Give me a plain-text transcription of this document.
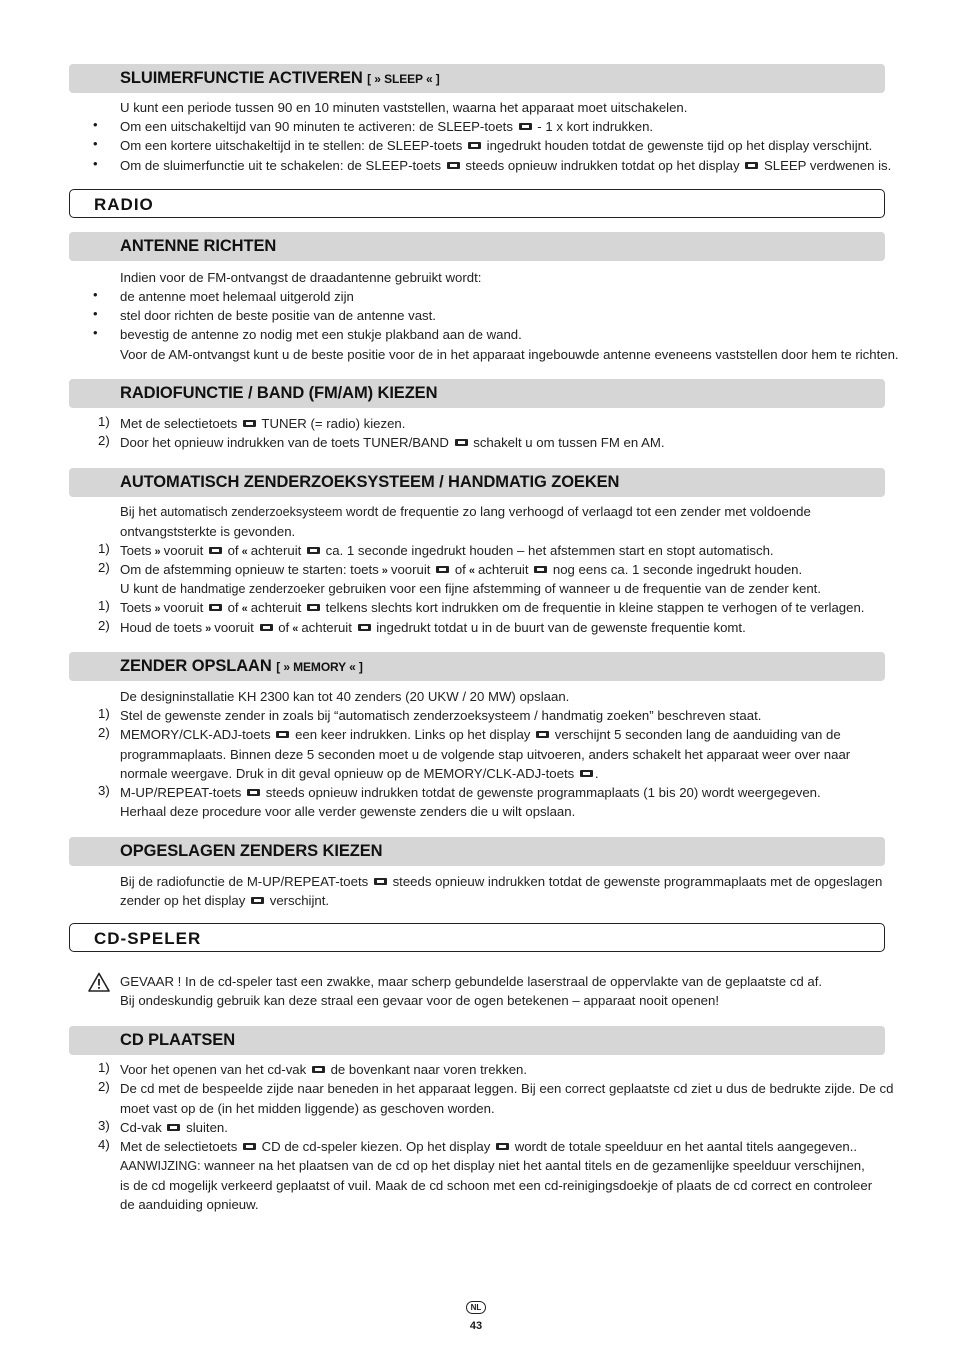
SLUIMERFUNCTIE ACTIVEREN [ » SLEEP « ]
U kunt een periode tussen 90 en 10 minuten vaststellen, waarna het apparaat moet uitschakelen.
• Om een uitschakeltijd van 90 minuten te activeren: de SLEEP-toets - 1 x kort indrukken.
• Om een kortere uitschakeltijd in te stellen: de SLEEP-toets ingedrukt houden totdat de gewenste tijd op het display verschijnt.
• Om de sluimerfunctie uit te schakelen: de SLEEP-toets steeds opnieuw indrukken totdat op het display SLEEP verdwenen is.
RADIO
ANTENNE RICHTEN
Indien voor de FM-ontvangst de draadantenne gebruikt wordt:
• de antenne moet helemaal uitgerold zijn
• stel door richten de beste positie van de antenne vast.
• bevestig de antenne zo nodig met een stukje plakband aan de wand.
Voor de AM-ontvangst kunt u de beste positie voor de in het apparaat ingebouwde antenne eveneens vaststellen door hem te richten.
RADIOFUNCTIE / BAND (FM/AM) KIEZEN
1) Met de selectietoets TUNER (= radio) kiezen.
2) Door het opnieuw indrukken van de toets TUNER/BAND schakelt u om tussen FM en AM.
AUTOMATISCH ZENDERZOEKSYSTEEM / HANDMATIG ZOEKEN
Bij het automatisch zenderzoeksysteem wordt de frequentie zo lang verhoogd of verlaagd tot een zender met voldoende
ontvangststerkte is gevonden.
1) Toets » vooruit of « achteruit ca. 1 seconde ingedrukt houden – het afstemmen start en stopt automatisch.
2) Om de afstemming opnieuw te starten: toets » vooruit of « achteruit nog eens ca. 1 seconde ingedrukt houden.
U kunt de handmatige zenderzoeker gebruiken voor een fijne afstemming of wanneer u de frequentie van de zender kent.
1) Toets » vooruit of « achteruit telkens slechts kort indrukken om de frequentie in kleine stappen te verhogen of te verlagen.
2) Houd de toets » vooruit of « achteruit ingedrukt totdat u in de buurt van de gewenste frequentie komt.
ZENDER OPSLAAN [ » MEMORY « ]
De designinstallatie KH 2300 kan tot 40 zenders (20 UKW / 20 MW) opslaan.
1) Stel de gewenste zender in zoals bij “automatisch zenderzoeksysteem / handmatig zoeken” beschreven staat.
2) MEMORY/CLK-ADJ-toets een keer indrukken. Links op het display verschijnt 5 seconden lang de aanduiding van de
programmaplaats. Binnen deze 5 seconden moet u de volgende stap uitvoeren, anders schakelt het apparaat weer over naar
normale weergave. Druk in dit geval opnieuw op de MEMORY/CLK-ADJ-toets .
3) M-UP/REPEAT-toets steeds opnieuw indrukken totdat de gewenste programmaplaats (1 bis 20) wordt weergegeven.
Herhaal deze procedure voor alle verder gewenste zenders die u wilt opslaan.
OPGESLAGEN ZENDERS KIEZEN
Bij de radiofunctie de M-UP/REPEAT-toets steeds opnieuw indrukken totdat de gewenste programmaplaats met de opgeslagen
zender op het display verschijnt.
CD-SPELER
GEVAAR ! In de cd-speler tast een zwakke, maar scherp gebundelde laserstraal de oppervlakte van de geplaatste cd af.
Bij ondeskundig gebruik kan deze straal een gevaar voor de ogen betekenen – apparaat nooit openen!
CD PLAATSEN
1) Voor het openen van het cd-vak de bovenkant naar voren trekken.
2) De cd met de bespeelde zijde naar beneden in het apparaat leggen. Bij een correct geplaatste cd ziet u dus de bedrukte zijde. De cd
moet vast op de (in het midden liggende) as geschoven worden.
3) Cd-vak sluiten.
4) Met de selectietoets CD de cd-speler kiezen. Op het display wordt de totale speelduur en het aantal titels aangegeven..
AANWIJZING: wanneer na het plaatsen van de cd op het display niet het aantal titels en de gezamenlijke speelduur verschijnen,
is de cd mogelijk verkeerd geplaatst of vuil. Maak de cd schoon met een cd-reinigingsdoekje of plaats de cd correct en controleer
de aanduiding opnieuw.
NL
43
